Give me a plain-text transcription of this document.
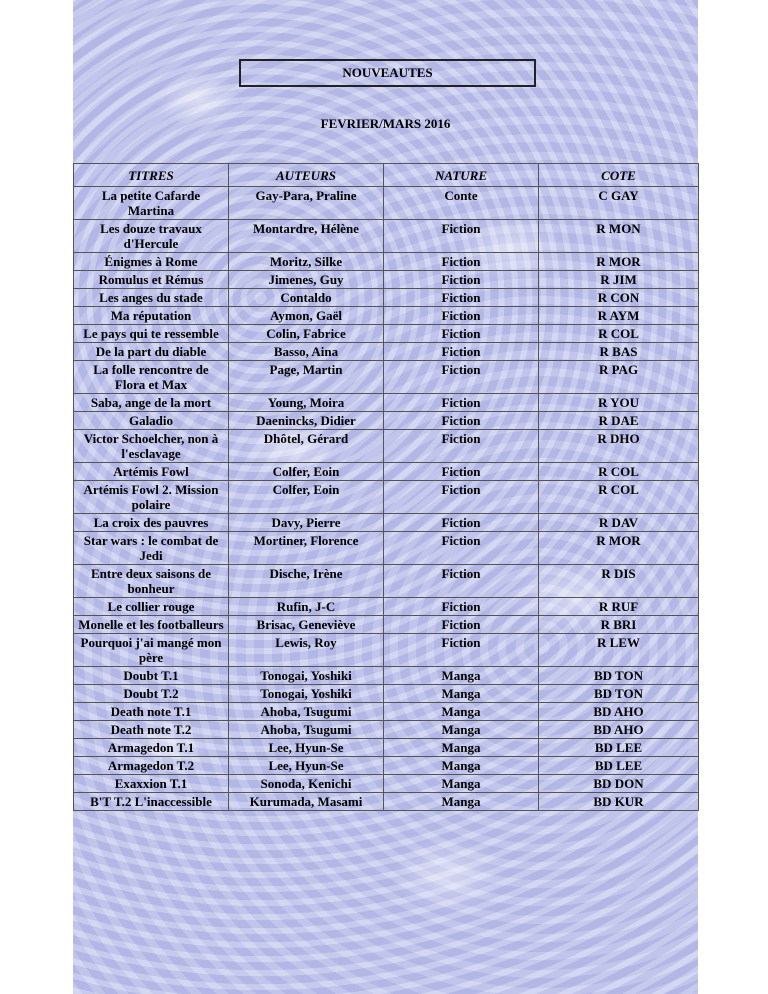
NOUVEAUTES
FEVRIER/MARS 2016
TITRES	AUTEURS	NATURE	COTE
La petite Cafarde Martina	Gay-Para, Praline	Conte	C GAY
Les douze travaux d'Hercule	Montardre, Hélène	Fiction	R MON
Énigmes à Rome	Moritz, Silke	Fiction	R MOR
Romulus et Rémus	Jimenes, Guy	Fiction	R JIM
Les anges du stade	Contaldo	Fiction	R CON
Ma réputation	Aymon, Gaël	Fiction	R AYM
Le pays qui te ressemble	Colin, Fabrice	Fiction	R COL
De la part du diable	Basso, Aina	Fiction	R BAS
La folle rencontre de Flora et Max	Page, Martin	Fiction	R PAG
Saba, ange de la mort	Young, Moira	Fiction	R YOU
Galadio	Daenincks, Didier	Fiction	R DAE
Victor Schoelcher, non à l'esclavage	Dhôtel, Gérard	Fiction	R DHO
Artémis Fowl	Colfer, Eoin	Fiction	R COL
Artémis Fowl 2. Mission polaire	Colfer, Eoin	Fiction	R COL
La croix des pauvres	Davy, Pierre	Fiction	R DAV
Star wars : le combat de Jedi	Mortiner, Florence	Fiction	R MOR
Entre deux saisons de bonheur	Dische, Irène	Fiction	R DIS
Le collier rouge	Rufin, J-C	Fiction	R RUF
Monelle et les footballeurs	Brisac, Geneviève	Fiction	R BRI
Pourquoi j'ai mangé mon père	Lewis, Roy	Fiction	R LEW
Doubt T.1	Tonogai, Yoshiki	Manga	BD TON
Doubt T.2	Tonogai, Yoshiki	Manga	BD TON
Death note T.1	Ahoba, Tsugumi	Manga	BD AHO
Death note T.2	Ahoba, Tsugumi	Manga	BD AHO
Armagedon T.1	Lee, Hyun-Se	Manga	BD LEE
Armagedon T.2	Lee, Hyun-Se	Manga	BD LEE
Exaxxion T.1	Sonoda, Kenichi	Manga	BD DON
B'T T.2 L'inaccessible	Kurumada, Masami	Manga	BD KUR
